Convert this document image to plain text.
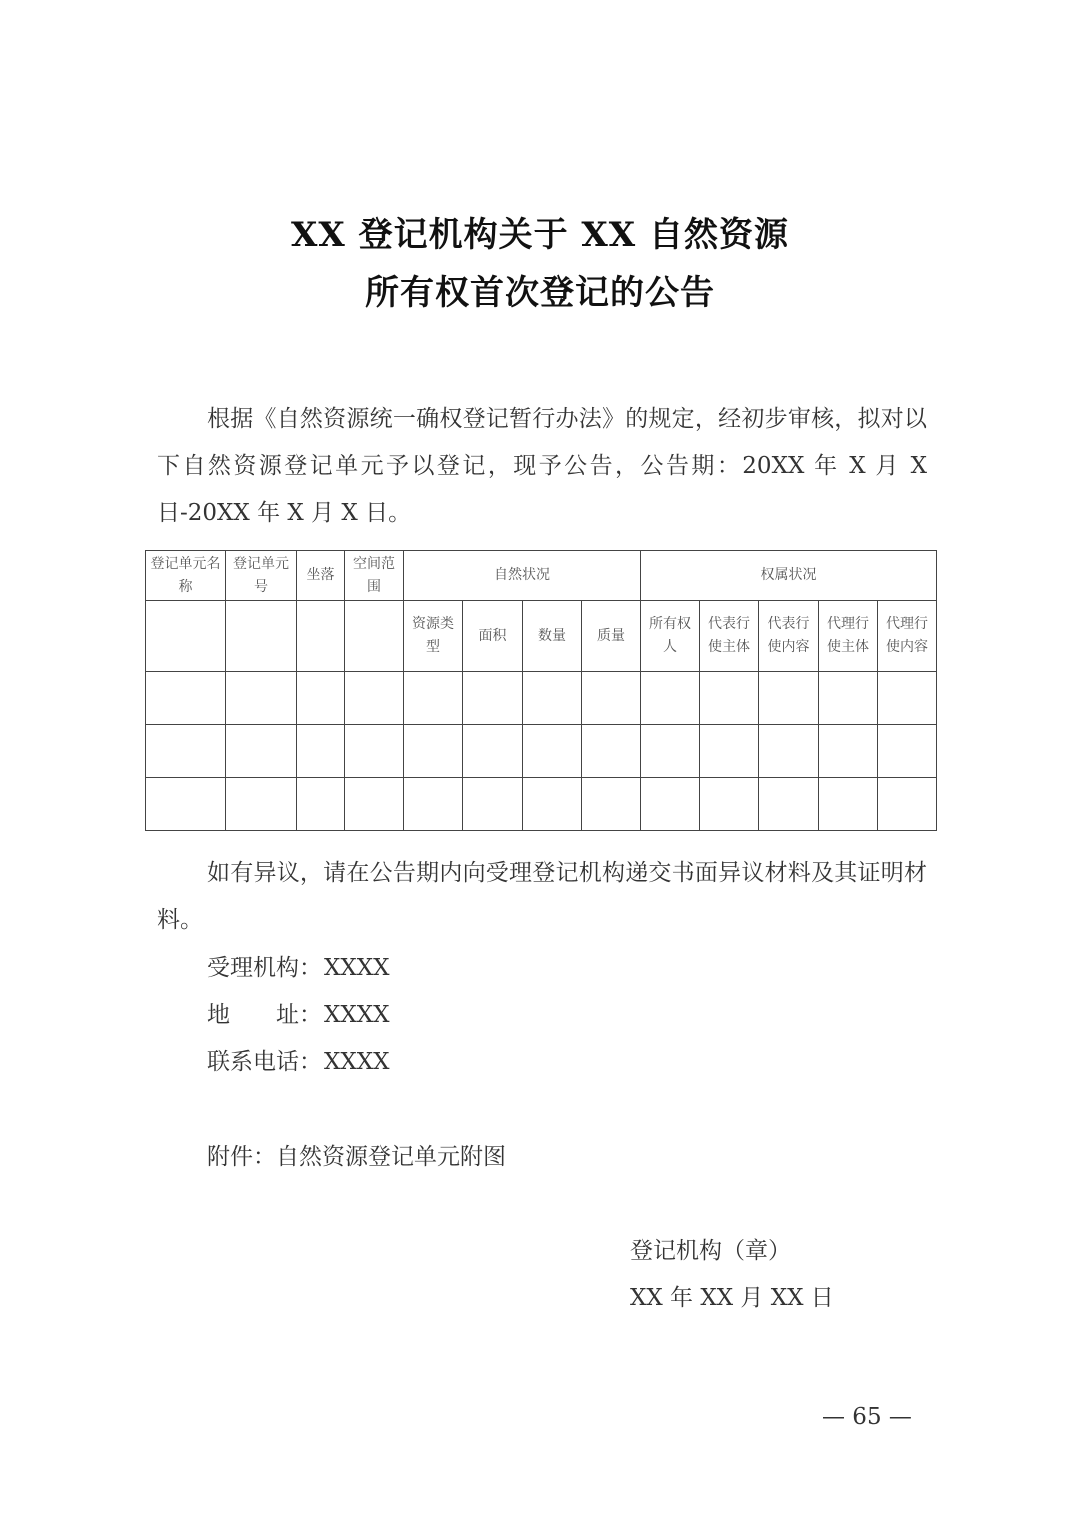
XX 登记机构关于 XX 自然资源
所有权首次登记的公告
根据《自然资源统一确权登记暂行办法》的规定，经初步审核，拟对以下自然资源登记单元予以登记，现予公告，公告期：20XX 年 X 月 X 日-20XX 年 X 月 X 日。
登记单元名称	登记单元号	坐落	空间范围	自然状况				权属状况				
				资源类型	面积	数量	质量	所有权人	代表行使主体	代表行使内容	代理行使主体	代理行使内容

如有异议，请在公告期内向受理登记机构递交书面异议材料及其证明材料。
受理机构：XXXX
地　　址：XXXX
联系电话：XXXX
附件：自然资源登记单元附图
登记机构（章）
XX 年 XX 月 XX 日
— 65 —
